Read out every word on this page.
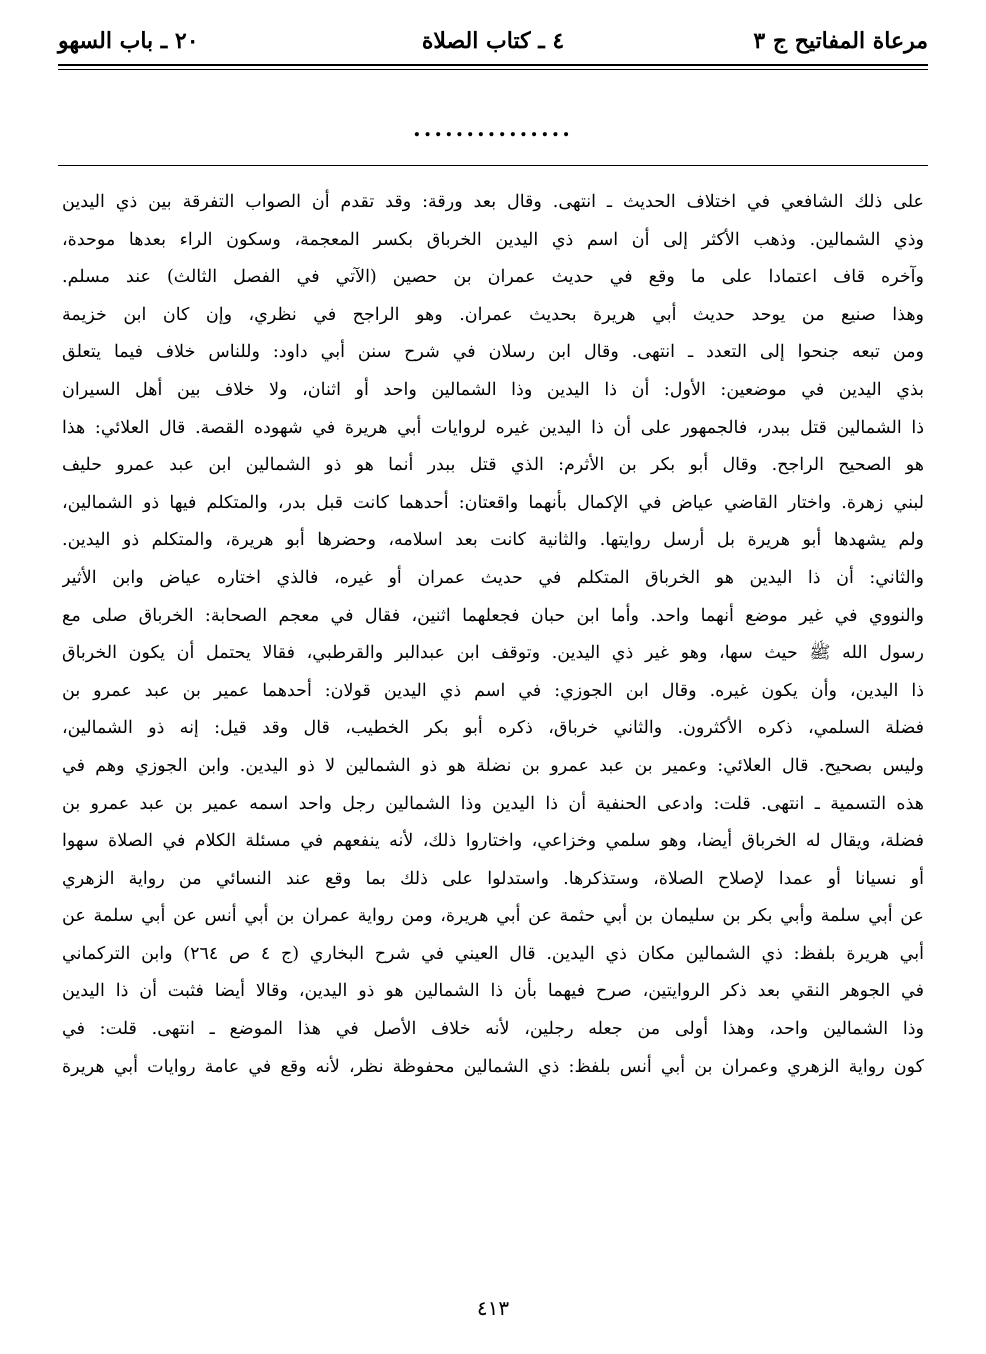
مرعاة المفاتيح ج ٣
٤ ـ كتاب الصلاة
٢٠ ـ باب السهو
...............
على ذلك الشافعي في اختلاف الحديث ـ انتهى. وقال بعد ورقة: وقد تقدم أن الصواب التفرقة بين ذي اليدين
وذي الشمالين. وذهب الأكثر إلى أن اسم ذي اليدين الخرباق بكسر المعجمة، وسكون الراء بعدها موحدة،
وآخره قاف اعتمادا على ما وقع في حديث عمران بن حصين (الآتي في الفصل الثالث) عند مسلم.
وهذا صنيع من يوحد حديث أبي هريرة بحديث عمران. وهو الراجح في نظري، وإن كان ابن خزيمة
ومن تبعه جنحوا إلى التعدد ـ انتهى. وقال ابن رسلان في شرح سنن أبي داود: وللناس خلاف فيما يتعلق
بذي اليدين في موضعين: الأول: أن ذا اليدين وذا الشمالين واحد أو اثنان، ولا خلاف بين أهل السيران
ذا الشمالين قتل ببدر، فالجمهور على أن ذا اليدين غيره لروايات أبي هريرة في شهوده القصة. قال العلائي: هذا
هو الصحيح الراجح. وقال أبو بكر بن الأثرم: الذي قتل ببدر أنما هو ذو الشمالين ابن عبد عمرو حليف
لبني زهرة. واختار القاضي عياض في الإكمال بأنهما واقعتان: أحدهما كانت قبل بدر، والمتكلم فيها ذو الشمالين،
ولم يشهدها أبو هريرة بل أرسل روايتها. والثانية كانت بعد اسلامه، وحضرها أبو هريرة، والمتكلم ذو اليدين.
والثاني: أن ذا اليدين هو الخرباق المتكلم في حديث عمران أو غيره، فالذي اختاره عياض وابن الأثير
والنووي في غير موضع أنهما واحد. وأما ابن حبان فجعلهما اثنين، فقال في معجم الصحابة: الخرباق صلى مع
رسول الله ﷺ حيث سها، وهو غير ذي اليدين. وتوقف ابن عبدالبر والقرطبي، فقالا يحتمل أن يكون الخرباق
ذا اليدين، وأن يكون غيره. وقال ابن الجوزي: في اسم ذي اليدين قولان: أحدهما عمير بن عبد عمرو بن
فضلة السلمي، ذكره الأكثرون. والثاني خرباق، ذكره أبو بكر الخطيب، قال وقد قيل: إنه ذو الشمالين،
وليس بصحيح. قال العلائي: وعمير بن عبد عمرو بن نضلة هو ذو الشمالين لا ذو اليدين. وابن الجوزي وهم في
هذه التسمية ـ انتهى. قلت: وادعى الحنفية أن ذا اليدين وذا الشمالين رجل واحد اسمه عمير بن عبد عمرو بن
فضلة، ويقال له الخرباق أيضا، وهو سلمي وخزاعي، واختاروا ذلك، لأنه ينفعهم في مسئلة الكلام في الصلاة سهوا
أو نسيانا أو عمدا لإصلاح الصلاة، وستذكرها. واستدلوا على ذلك بما وقع عند النسائي من رواية الزهري
عن أبي سلمة وأبي بكر بن سليمان بن أبي حثمة عن أبي هريرة، ومن رواية عمران بن أبي أنس عن أبي سلمة عن
أبي هريرة بلفظ: ذي الشمالين مكان ذي اليدين. قال العيني في شرح البخاري (ج ٤ ص ٢٦٤) وابن التركماني
في الجوهر النقي بعد ذكر الروايتين، صرح فيهما بأن ذا الشمالين هو ذو اليدين، وقالا أيضا فثبت أن ذا اليدين
وذا الشمالين واحد، وهذا أولى من جعله رجلين، لأنه خلاف الأصل في هذا الموضع ـ انتهى. قلت: في
كون رواية الزهري وعمران بن أبي أنس بلفظ: ذي الشمالين محفوظة نظر، لأنه وقع في عامة روايات أبي هريرة
٤١٣
